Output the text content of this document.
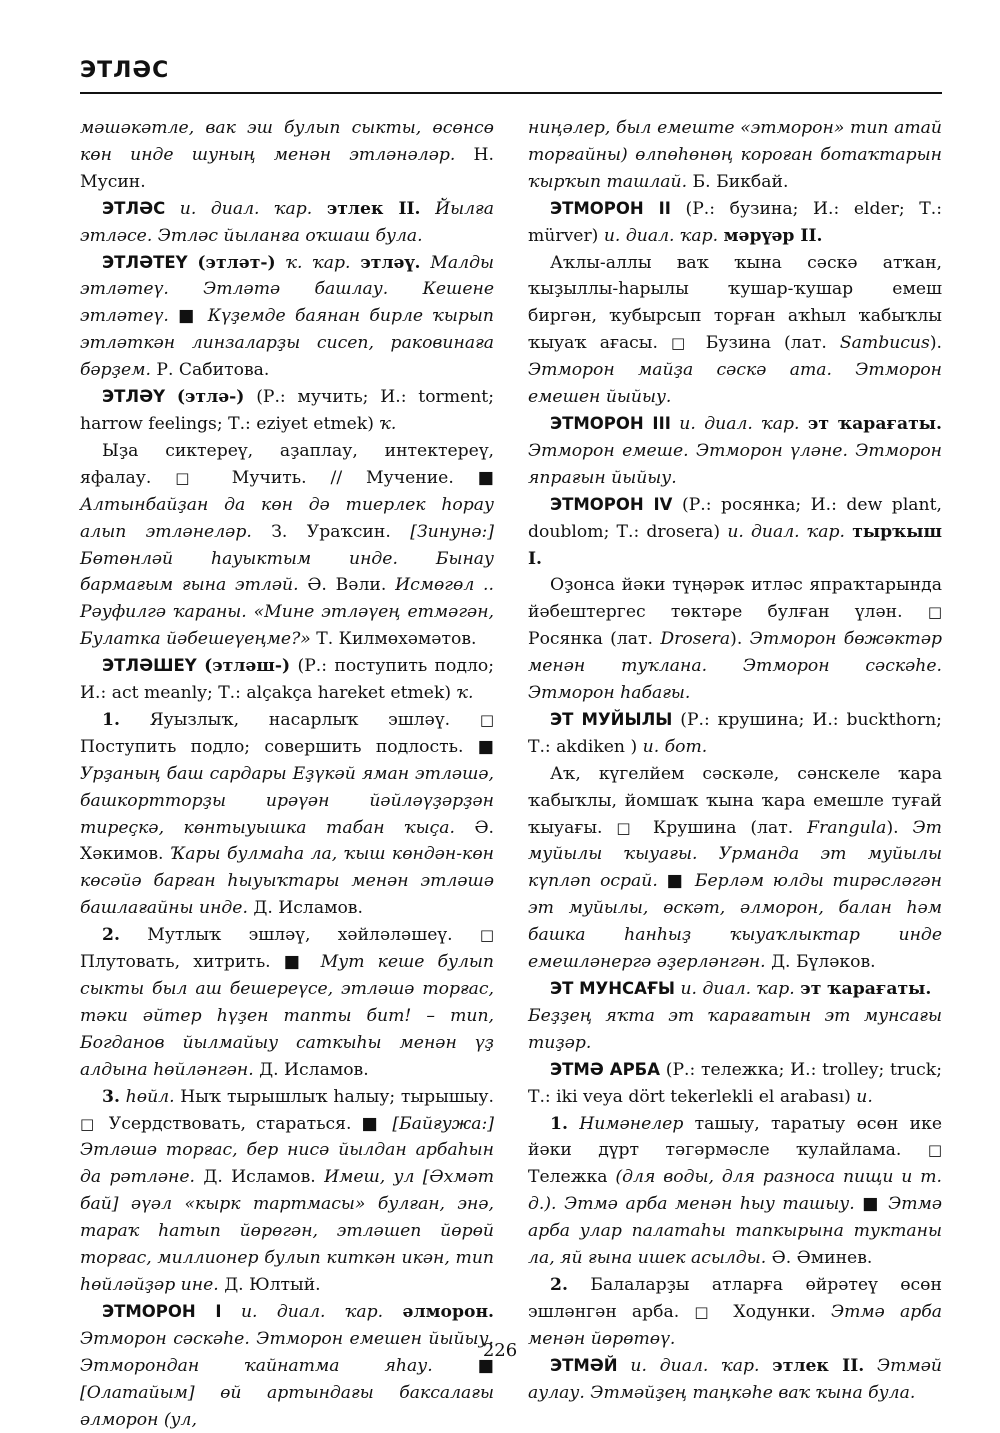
ЭТЛӘС

мәшәкәтле, вак эш булып сыкты, өсөнсө көн инде шуның менән этләнәләр. Н. Мусин.

ЭТЛӘС и. диал. ҡар. этлек II. Йылға этләсе. Этләс йыланға оҡшаш була.

ЭТЛӘТЕҮ (этләт-) ҡ. ҡар. этләү. Малды этләтеү. Этләтә башлау. Кешене этләтеү. ■ Күҙемде баянан бирле ҡырып этләткән линзаларҙы сисеп, раковинаға бәрҙем. Р. Сабитова.

ЭТЛӘҮ (этлә-) (Р.: мучить; И.: torment; harrow feelings; Т.: eziyet etmek) ҡ.

Ыҙа сиктереү, аҙаплау, интектереү, яфалау. □ Мучить. // Мучение. ■ Алтынбайҙан да көн дә тиерлек һорау алып этләнеләр. З. Ураҡсин. [Зинунә:] Бөтөнләй һауыктым инде. Бынау бармағым ғына этләй. Ә. Вәли. Исмөгөл .. Рәуфилгә ҡараны. «Мине этләүең етмәгән, Булатка йәбешеүеңме?» Т. Килмөхәмәтов.

ЭТЛӘШЕҮ (этләш-) (Р.: поступить подло; И.: act meanly; Т.: alçakça hareket etmek) ҡ.

1. Яуызлыҡ, насарлыҡ эшләү. □ Поступить подло; совершить подлость. ■ Урҙаның баш сардары Еҙүкәй яман этләшә, башкортторҙы ирәүән йәйләүҙәрҙән тиреҫкә, көнтыуышка табан ҡыҫа. Ә. Хәкимов. Ҡары булмаһа ла, ҡыш көндән-көн көсәйә барған һыуыҡтары менән этләшә башлағайны инде. Д. Исламов.

2. Мутлыҡ эшләү, хәйләләшеү. □ Плутовать, хитрить. ■ Мут кеше булып сыкты был аш бешереүсе, этләшә торғас, тәки әйтер һүҙен тапты бит! – тип, Богданов йылмайыу саткыһы менән үҙ алдына һөйләнгән. Д. Исламов.

3. һөйл. Ныҡ тырышлыҡ һалыу; тырышыу. □ Усердствовать, стараться. ■ [Байғужа:] Этләшә торғас, бер нисә йылдан арбаһын да рәтләне. Д. Исламов. Имеш, ул [Әхмәт бай] әүәл «кырк тартмасы» булған, энә, тараҡ һатып йөрөгән, этләшеп йөрөй торғас, миллионер булып киткән икән, тип һөйләйҙәр ине. Д. Юлтый.

ЭТМОРОН I и. диал. ҡар. әлморон. Этморон сәскәһе. Этморон емешен йыйыу. Этморондан ҡайнатма яһау.	■ [Олатайым] өй артындағы баксалағы әлморон (ул,

ниңәлер, был емеште «этморон» тип атай торғайны) өлпөһөнөң короған ботаҡтарын ҡырҡып ташлай. Б. Бикбай.

ЭТМОРОН II (Р.: бузина; И.: elder; Т.: mürver) и. диал. ҡар. мәрүәр II.

Аҡлы-аллы ваҡ ҡына сәскә атҡан, ҡыҙыллы-һарылы ҡушар-ҡушар емеш биргән, ҡубырсып торған аҡһыл ҡабыҡлы ҡыуаҡ ағасы. □ Бузина (лат. Sambucus). Этморон майҙа сәскә ата. Этморон емешен йыйыу.

ЭТМОРОН III и. диал. ҡар. эт ҡарағаты. Этморон емеше. Этморон үләне. Этморон япрағын йыйыу.

ЭТМОРОН IV (Р.: росянка; И.: dew plant, doublom; Т.: drosera) и. диал. ҡар. тырҡыш I.

Оҙонса йәки түңәрәк итләс япраҡтарында йәбештергес төктәре булған үлән. □ Росянка (лат. Drosera). Этморон бөжәктәр менән туҡлана. Этморон сәскәһе. Этморон һабағы.

ЭТ МУЙЫЛЫ (Р.: крушина; И.: buckthorn; Т.: akdiken ) и. бот.

Аҡ, күгелйем сәскәле, сәнскеле ҡара ҡабыҡлы, йомшаҡ ҡына ҡара емешле туғай ҡыуағы. □ Крушина (лат. Frangula). Эт муйылы ҡыуағы. Урманда эт муйылы күпләп осрай. ■ Берләм юлды тирәсләгән эт муйылы, өскәт, әлморон, балан һәм башка һанһыҙ ҡыуаҡлыктар инде емешләнергә әҙерләнгән. Д. Бүләков.

ЭТ МУНСАҒЫ и. диал. ҡар. эт ҡарағаты.
Беҙҙең яҡта эт ҡарағатын эт мунсағы тиҙәр.

ЭТМӘ АРБА (Р.: тележка; И.: trolley; truck; Т.: iki veya dört tekerlekli el arabası) и.

1. Нимәнелер ташыу, таратыу өсөн ике йәки дүрт тәгәрмәсле ҡулайлама. □ Тележка (для воды, для разноса пищи и т. д.). Этмә арба менән һыу ташыу. ■ Этмә арба улар палатаһы тапкырына туктаны ла, яй ғына ишек асылды. Ә. Әминев.

2. Балаларҙы атларға өйрәтеү өсөн эшләнгән арба. □ Ходунки. Этмә арба менән йөрөтөү.

ЭТМӘЙ и. диал. ҡар. этлек II. Этмәй аулау. Этмәйҙең таңкәһе ваҡ ҡына була.

226
